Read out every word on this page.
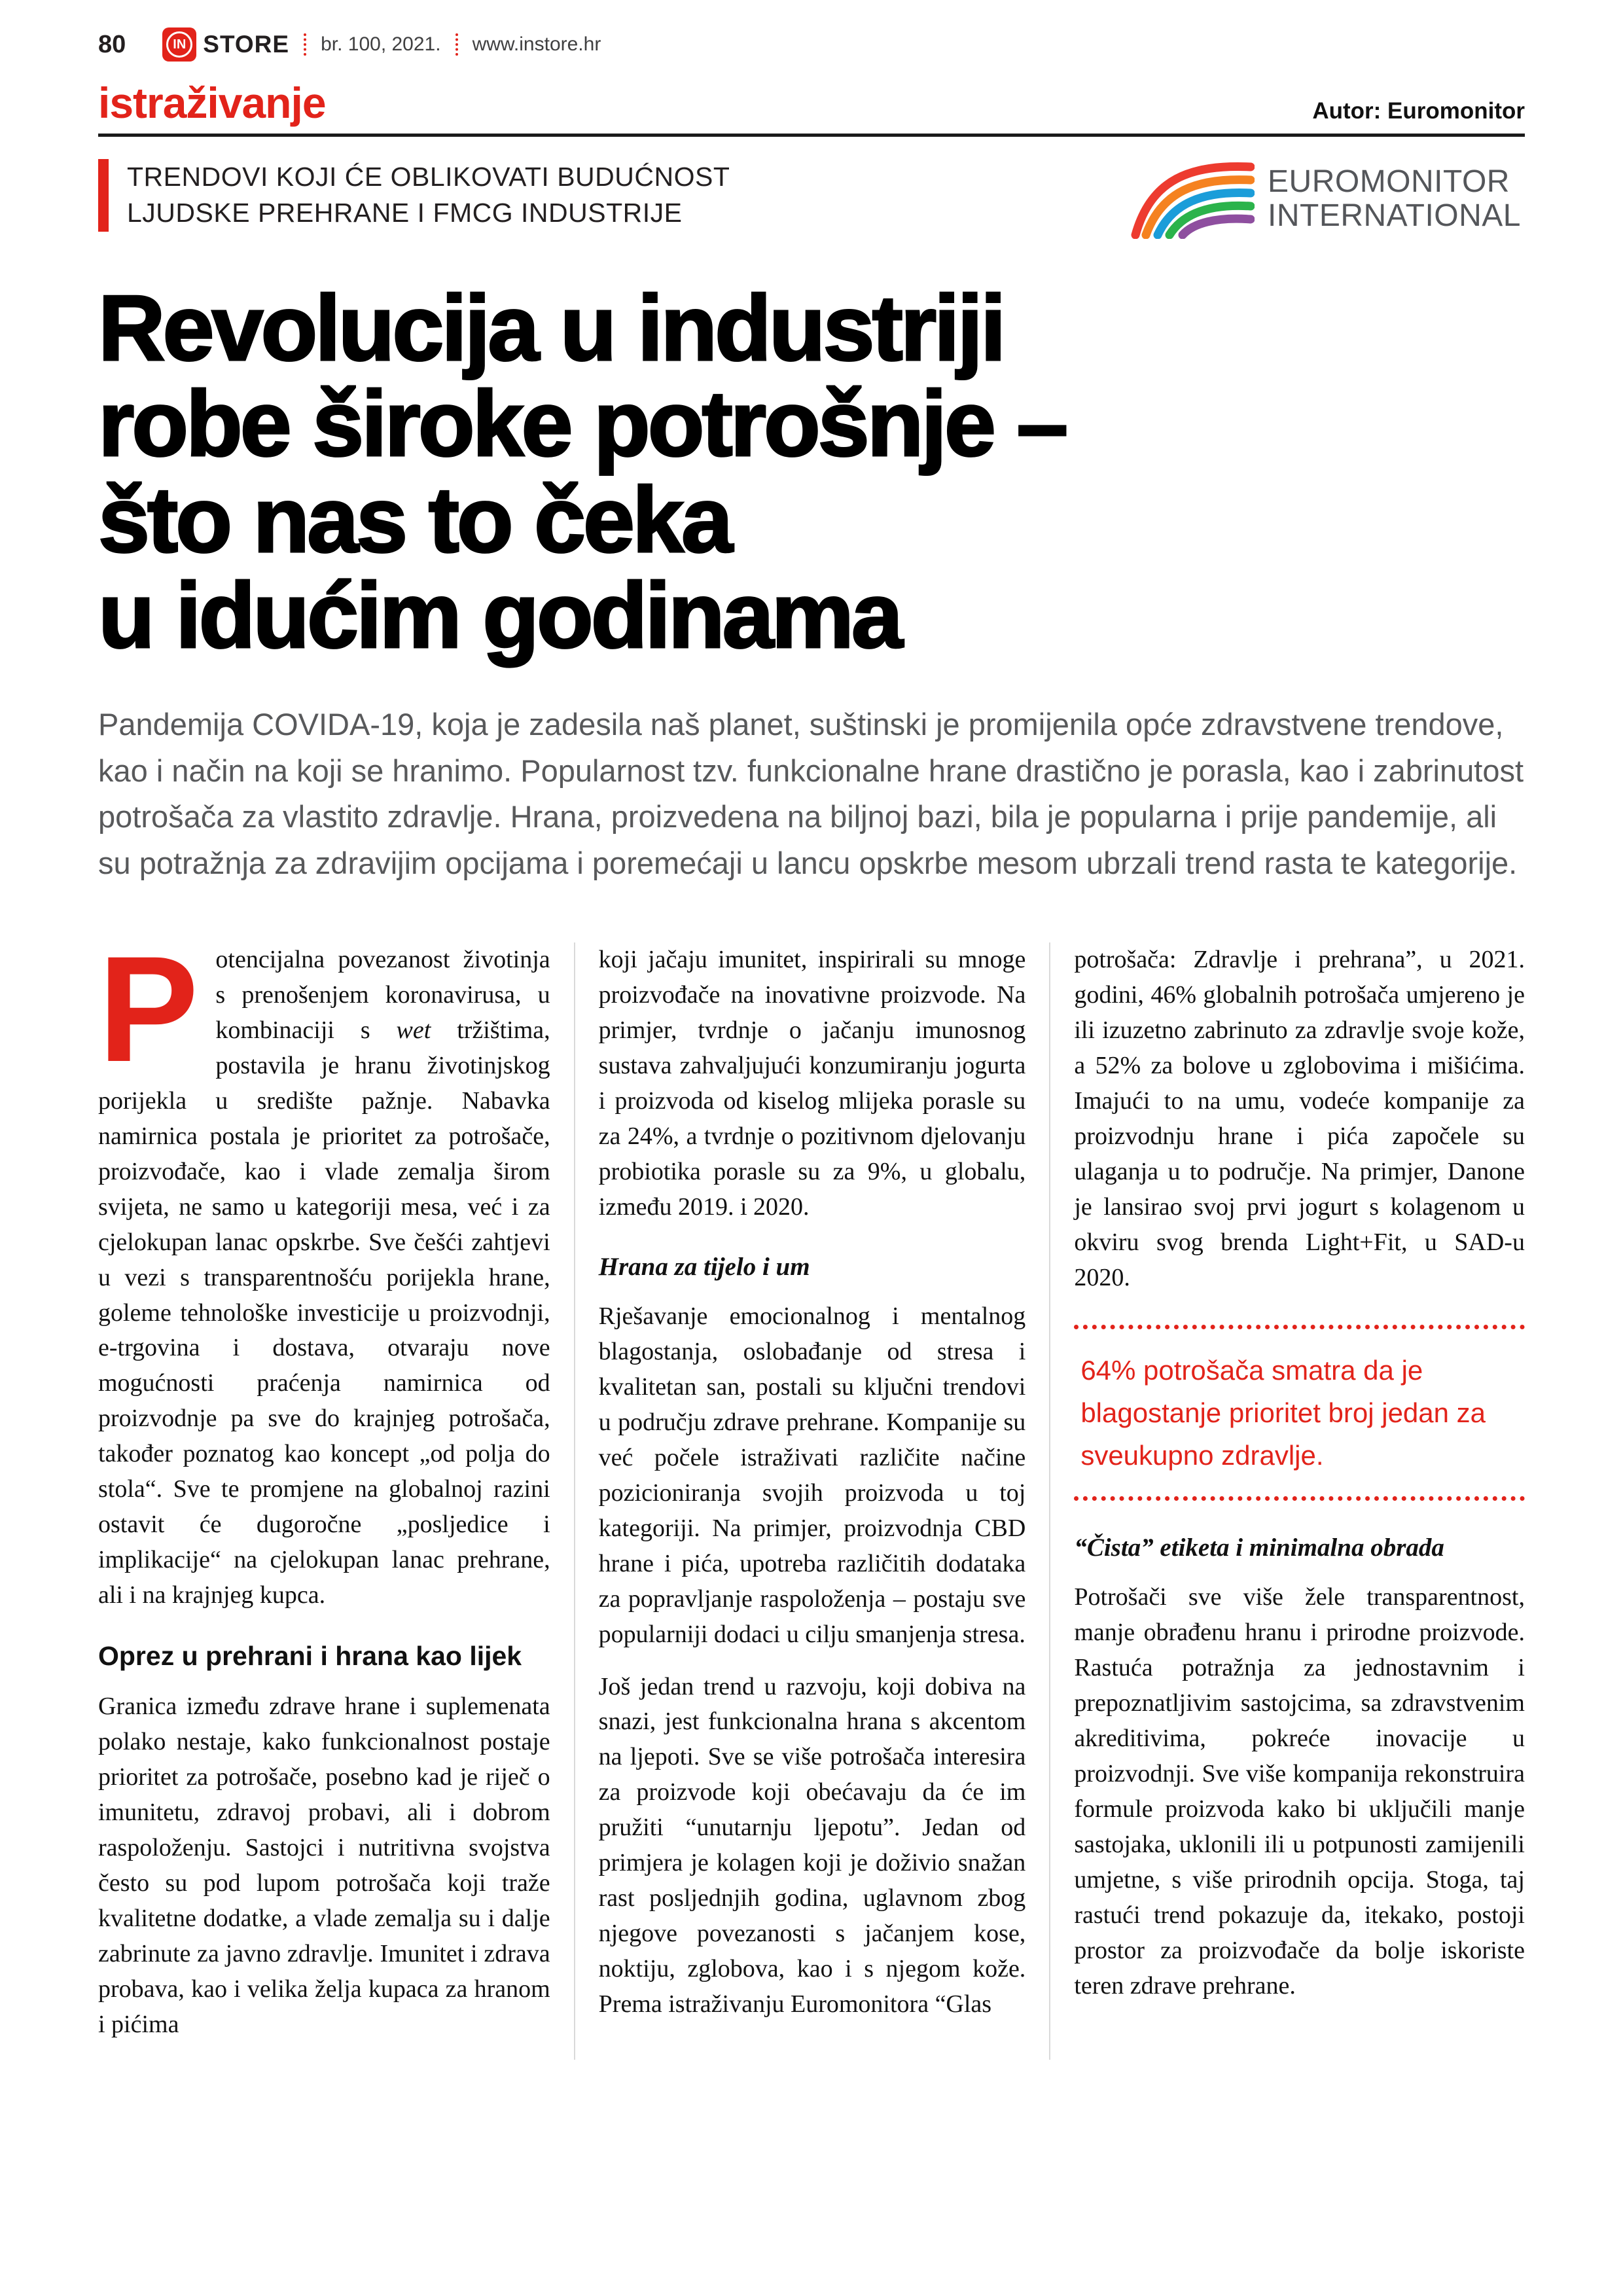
80	IN STORE br. 100, 2021. www.instore.hr
istraživanje	Autor: Euromonitor
TRENDOVI KOJI ĆE OBLIKOVATI BUDUĆNOST
LJUDSKE PREHRANE I FMCG INDUSTRIJE
EUROMONITOR
INTERNATIONAL
Revolucija u industriji
robe široke potrošnje –
što nas to čeka
u idućim godinama
Pandemija COVIDA-19, koja je zadesila naš planet, suštinski je promijenila opće zdravstvene trendove, kao i način na koji se hranimo. Popularnost tzv. funkcionalne hrane drastično je porasla, kao i zabrinutost potrošača za vlastito zdravlje. Hrana, proizvedena na biljnoj bazi, bila je popularna i prije pandemije, ali su potražnja za zdravijim opcijama i poremećaji u lancu opskrbe mesom ubrzali trend rasta te kategorije.

Potencijalna povezanost životinja s prenošenjem koronavirusa, u kombinaciji s wet tržištima, postavila je hranu životinjskog porijekla u središte pažnje. Nabavka namirnica postala je prioritet za potrošače, proizvođače, kao i vlade zemalja širom svijeta, ne samo u kategoriji mesa, već i za cjelokupan lanac opskrbe. Sve češći zahtjevi u vezi s transparentnošću porijekla hrane, goleme tehnološke investicije u proizvodnji, e-trgovina i dostava, otvaraju nove mogućnosti praćenja namirnica od proizvodnje pa sve do krajnjeg potrošača, također poznatog kao koncept „od polja do stola“. Sve te promjene na globalnoj razini ostavit će dugoročne „posljedice i implikacije“ na cjelokupan lanac prehrane, ali i na krajnjeg kupca.

Oprez u prehrani i hrana kao lijek

Granica između zdrave hrane i suplemenata polako nestaje, kako funkcionalnost postaje prioritet za potrošače, posebno kad je riječ o imunitetu, zdravoj probavi, ali i dobrom raspoloženju. Sastojci i nutritivna svojstva često su pod lupom potrošača koji traže kvalitetne dodatke, a vlade zemalja su i dalje zabrinute za javno zdravlje. Imunitet i zdrava probava, kao i velika želja kupaca za hranom i pićima

koji jačaju imunitet, inspirirali su mnoge proizvođače na inovativne proizvode. Na primjer, tvrdnje o jačanju imunosnog sustava zahvaljujući konzumiranju jogurta i proizvoda od kiselog mlijeka porasle su za 24%, a tvrdnje o pozitivnom djelovanju probiotika porasle su za 9%, u globalu, između 2019. i 2020.

Hrana za tijelo i um

Rješavanje emocionalnog i mentalnog blagostanja, oslobađanje od stresa i kvalitetan san, postali su ključni trendovi u području zdrave prehrane. Kompanije su već počele istraživati različite načine pozicioniranja svojih proizvoda u toj kategoriji. Na primjer, proizvodnja CBD hrane i pića, upotreba različitih dodataka za popravljanje raspoloženja – postaju sve popularniji dodaci u cilju smanjenja stresa.

Još jedan trend u razvoju, koji dobiva na snazi, jest funkcionalna hrana s akcentom na ljepoti. Sve se više potrošača interesira za proizvode koji obećavaju da će im pružiti “unutarnju ljepotu”. Jedan od primjera je kolagen koji je doživio snažan rast posljednjih godina, uglavnom zbog njegove povezanosti s jačanjem kose, noktiju, zglobova, kao i s njegom kože. Prema istraživanju Euromonitora “Glas

potrošača: Zdravlje i prehrana”, u 2021. godini, 46% globalnih potrošača umjereno je ili izuzetno zabrinuto za zdravlje svoje kože, a 52% za bolove u zglobovima i mišićima. Imajući to na umu, vodeće kompanije za proizvodnju hrane i pića započele su ulaganja u to područje. Na primjer, Danone je lansirao svoj prvi jogurt s kolagenom u okviru svog brenda Light+Fit, u SAD-u 2020.

64% potrošača smatra da je blagostanje prioritet broj jedan za sveukupno zdravlje.
“Čista” etiketa i minimalna obrada

Potrošači sve više žele transparentnost, manje obrađenu hranu i prirodne proizvode. Rastuća potražnja za jednostavnim i prepoznatljivim sastojcima, sa zdravstvenim akreditivima, pokreće inovacije u proizvodnji. Sve više kompanija rekonstruira formule proizvoda kako bi uključili manje sastojaka, uklonili ili u potpunosti zamijenili umjetne, s više prirodnih opcija. Stoga, taj rastući trend pokazuje da, itekako, postoji prostor za proizvođače da bolje iskoriste teren zdrave prehrane.
